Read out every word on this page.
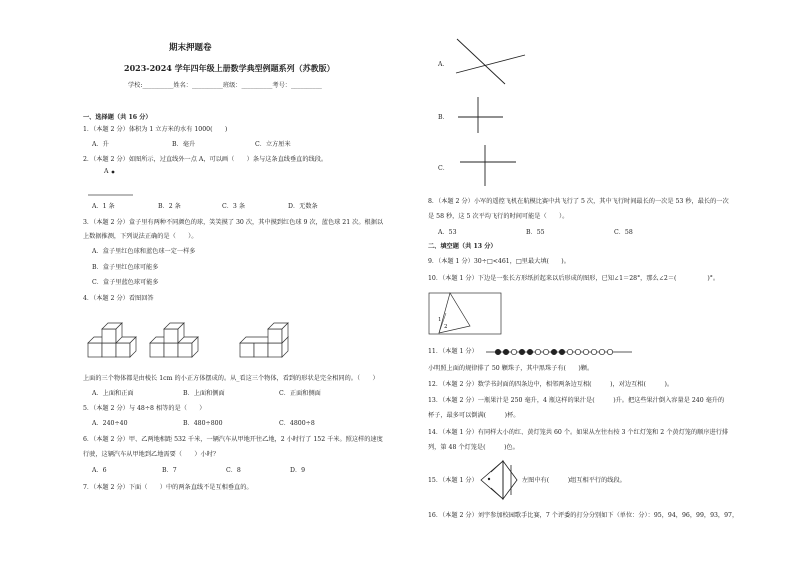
期末押题卷
2023-2024 学年四年级上册数学典型例题系列（苏教版）
学校:__________姓名：__________班级：__________考号：__________
一、选择题（共 16 分）
1．（本题 2 分）体积为 1 立方米的水有 1000(　　)
A．升	B．毫升	C．立方厘米
2．（本题 2 分）如图所示，过直线外一点 A，可以画（　　）条与这条直线垂直的线段。
A
A．1 条	B．2 条	C．3 条	D．无数条
3．（本题 2 分）盒子里有两种不同颜色的球，笑笑摸了 30 次，其中摸到红色球 9 次，蓝色球 21 次。根据以
上数据推测，下列说法正确的是（　　）。
A．盒子里红色球和蓝色球一定一样多
B．盒子里红色球可能多
C．盒子里蓝色球可能多
4．（本题 2 分）看图回答
上面的三个物体都是由棱长 1cm 的小正方体摆成的。从_看这三个物体，看到的形状是完全相同的。（　　）
A．上面和正面	B．上面和侧面	C．正面和侧面
5．（本题 2 分）与 48÷8 相等的是（　　）
A．240÷40	B．480÷800	C．4800÷8
6．（本题 2 分）甲、乙两地相距 532 千米，一辆汽车从甲地开往乙地，2 小时行了 152 千米。照这样的速度
行驶，这辆汽车从甲地到乙地需要（　　）小时？
A．6	B．7	C．8	D．9
7．（本题 2 分）下面（　　）中的两条直线不是互相垂直的。
A．
B．
C．
8．（本题 2 分）小军的遥控飞机在航模比赛中共飞行了 5 次，其中飞行时间最长的一次是 53 秒，最长的一次
是 58 秒，这 5 次平均飞行的时间可能是（　　）。
A．53	B．55	C．58
二、填空题（共 13 分）
9．（本题 1 分）30÷□<461，□里最大填(　　)。
10．（本题 1 分）下边是一张长方形纸折起来以后形成的图形，已知∠1＝28°，那么∠2＝(　　　　　)°。
1
2
11．（本题 1 分）
小明照上面的规律排了 50 颗珠子，其中黑珠子有(　　)颗。
12．（本题 2 分）数学书封面的四条边中，相邻两条边互相(　　　)，对边互相(　　　)。
13．（本题 2 分）一瓶果汁是 250 毫升，4 瓶这样的果汁是(　　　)升。把这些果汁倒入容量是 240 毫升的
杯子，最多可以倒满(　　　)杯。
14．（本题 1 分）有同样大小的红、黄灯笼共 60 个。如果从左往右按 3 个红灯笼和 2 个黄灯笼的顺序进行排
列，第 48 个灯笼是(　　　)色。
15．（本题 1 分）	左图中有(　　　)组互相平行的线段。
16．（本题 2 分）刘宇参加校园歌手比赛，7 个评委的打分分别如下（单位：分）：95，94，96，99，93，97，
